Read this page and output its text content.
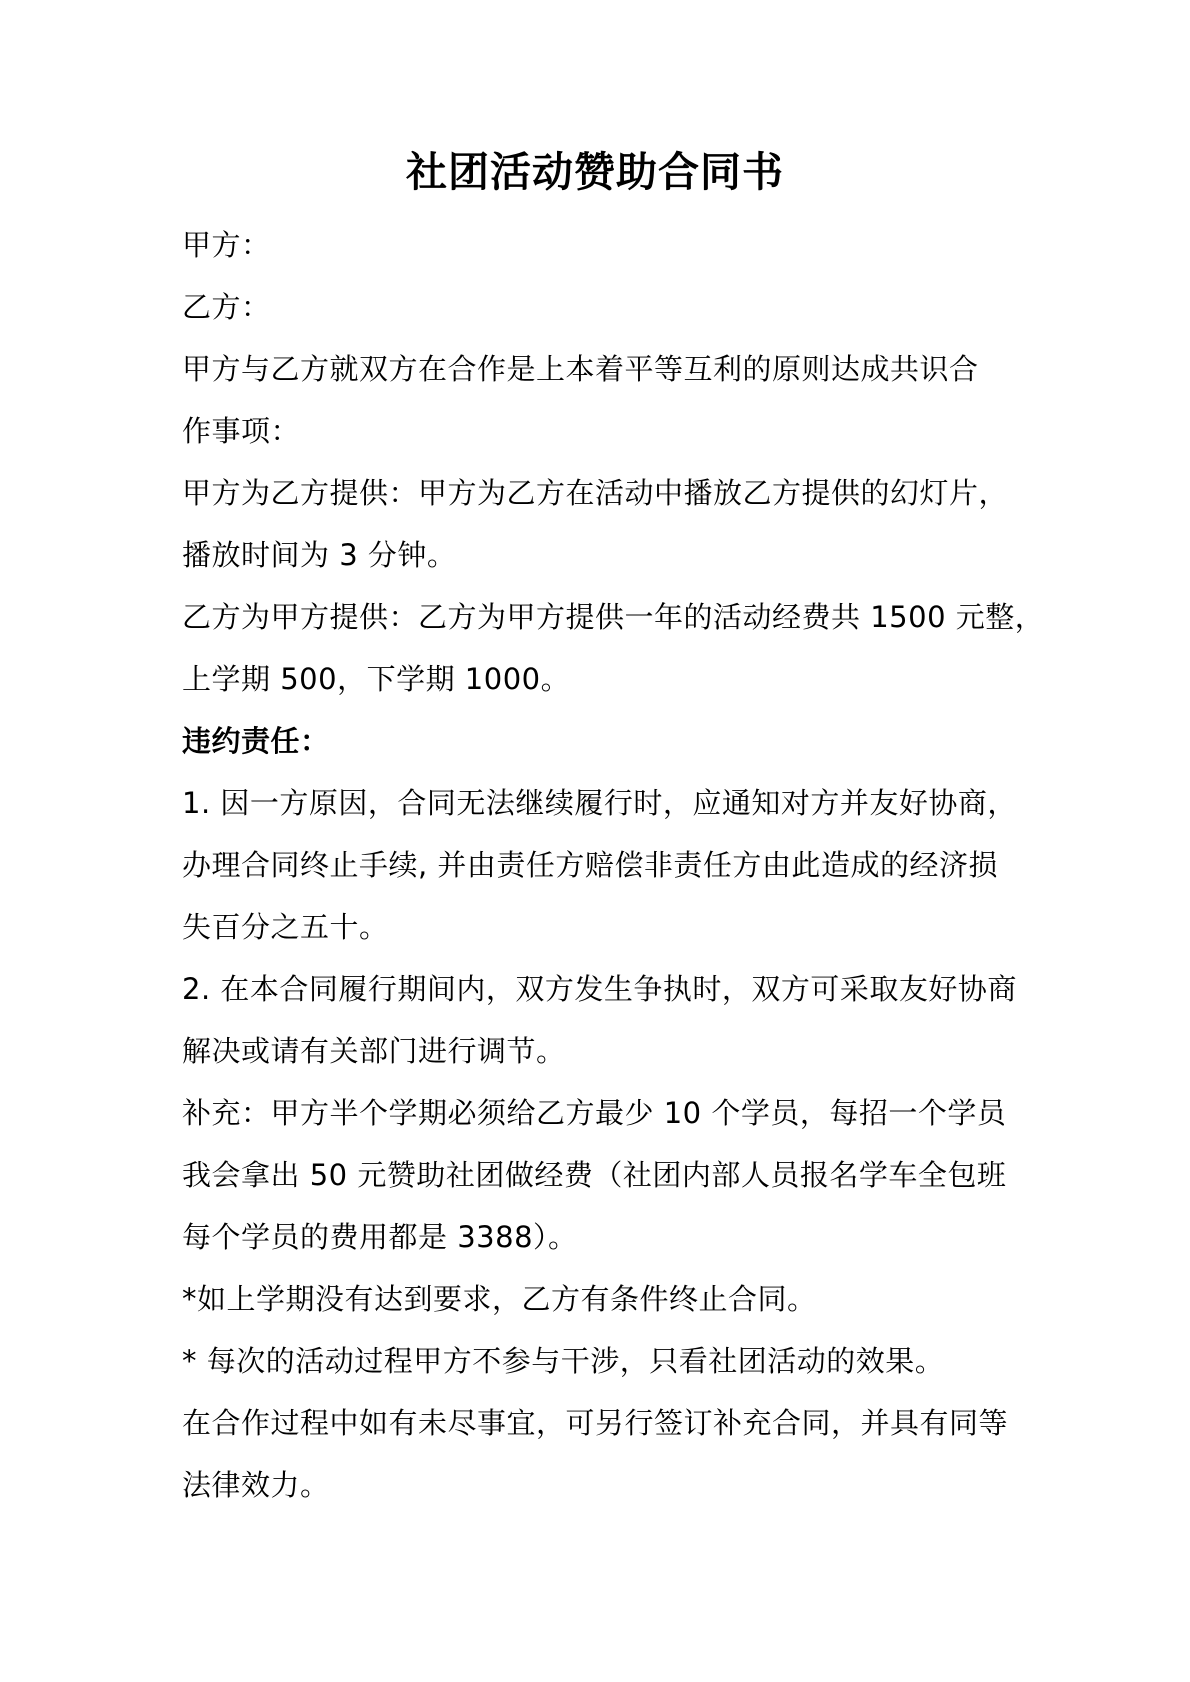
社团活动赞助合同书
甲方：
乙方：
甲方与乙方就双方在合作是上本着平等互利的原则达成共识合
作事项：
甲方为乙方提供：甲方为乙方在活动中播放乙方提供的幻灯片，
播放时间为 3 分钟。
乙方为甲方提供：乙方为甲方提供一年的活动经费共 1500 元整，
上学期 500，下学期 1000。
违约责任：
1. 因一方原因，合同无法继续履行时，应通知对方并友好协商，
办理合同终止手续, 并由责任方赔偿非责任方由此造成的经济损
失百分之五十。
2. 在本合同履行期间内，双方发生争执时，双方可采取友好协商
解决或请有关部门进行调节。
补充：甲方半个学期必须给乙方最少 10 个学员，每招一个学员
我会拿出 50 元赞助社团做经费（社团内部人员报名学车全包班
每个学员的费用都是 3388）。
*如上学期没有达到要求，乙方有条件终止合同。
* 每次的活动过程甲方不参与干涉，只看社团活动的效果。
在合作过程中如有未尽事宜，可另行签订补充合同，并具有同等
法律效力。
